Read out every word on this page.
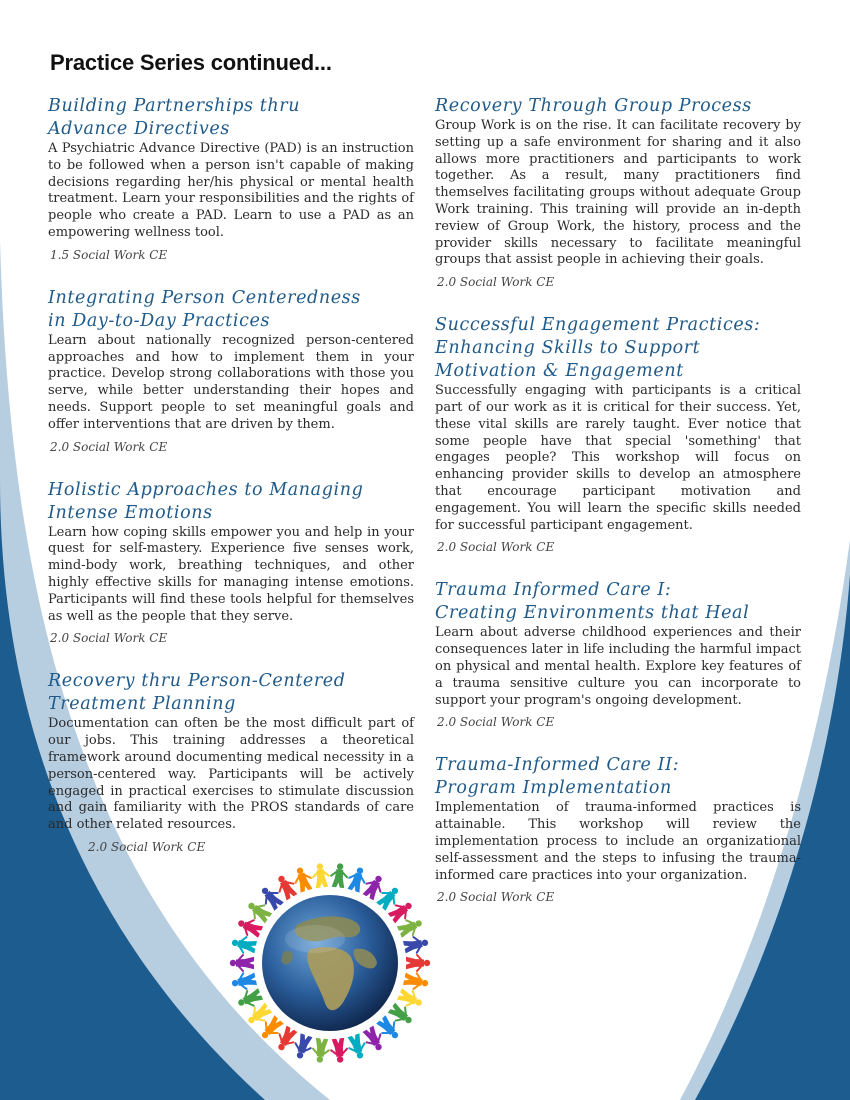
Practice Series continued...

Building Partnerships thru
Advance Directives

A Psychiatric Advance Directive (PAD) is an instruction to be followed when a person isn't capable of making decisions regarding her/his physical or mental health treatment. Learn your responsibilities and the rights of people who create a PAD. Learn to use a PAD as an empowering wellness tool.

1.5 Social Work CE

Integrating Person Centeredness
in Day-to-Day Practices

Learn about nationally recognized person-centered approaches and how to implement them in your practice. Develop strong collaborations with those you serve, while better understanding their hopes and needs. Support people to set meaningful goals and offer interventions that are driven by them.

2.0 Social Work CE

Holistic Approaches to Managing
Intense Emotions

Learn how coping skills empower you and help in your quest for self-mastery. Experience five senses work, mind-body work, breathing techniques, and other highly effective skills for managing intense emotions. Participants will find these tools helpful for themselves as well as the people that they serve.

2.0 Social Work CE

Recovery thru Person-Centered
Treatment Planning

Documentation can often be the most difficult part of our jobs. This training addresses a theoretical framework around documenting medical necessity in a person-centered way. Participants will be actively engaged in practical exercises to stimulate discussion and gain familiarity with the PROS standards of care and other related resources.

2.0 Social Work CE

Recovery Through Group Process

Group Work is on the rise. It can facilitate recovery by setting up a safe environment for sharing and it also allows more practitioners and participants to work together. As a result, many practitioners find themselves facilitating groups without adequate Group Work training. This training will provide an in-depth review of Group Work, the history, process and the provider skills necessary to facilitate meaningful groups that assist people in achieving their goals.

2.0 Social Work CE

Successful Engagement Practices:
Enhancing Skills to Support
Motivation & Engagement

Successfully engaging with participants is a critical part of our work as it is critical for their success. Yet, these vital skills are rarely taught. Ever notice that some people have that special 'something' that engages people? This workshop will focus on enhancing provider skills to develop an atmosphere that encourage participant motivation and engagement. You will learn the specific skills needed for successful participant engagement.

2.0 Social Work CE

Trauma Informed Care I:
Creating Environments that Heal

Learn about adverse childhood experiences and their consequences later in life including the harmful impact on physical and mental health. Explore key features of a trauma sensitive culture you can incorporate to support your program's ongoing development.

2.0 Social Work CE

Trauma-Informed Care II:
Program Implementation

Implementation of trauma-informed practices is attainable. This workshop will review the implementation process to include an organizational self-assessment and the steps to infusing the trauma-informed care practices into your organization.

2.0 Social Work CE
